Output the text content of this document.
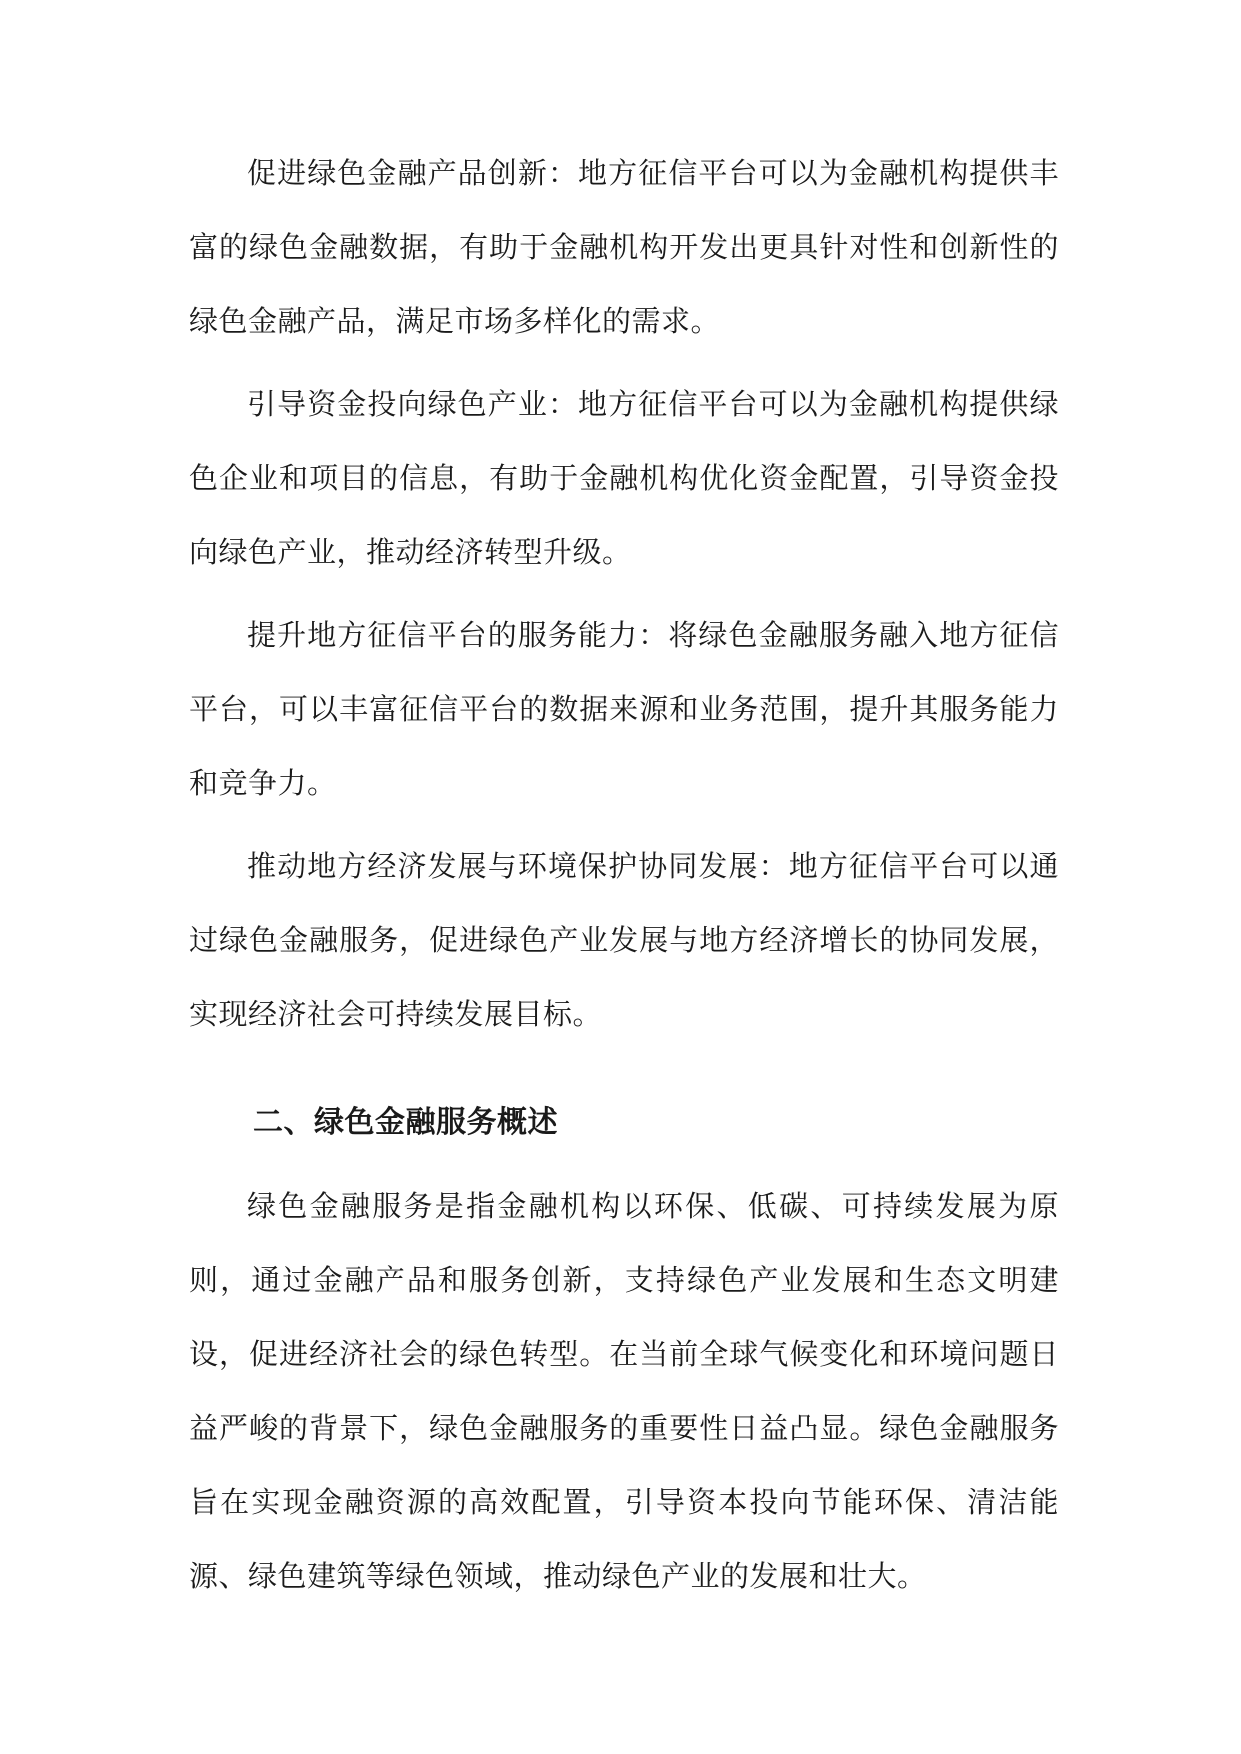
促进绿色金融产品创新：地方征信平台可以为金融机构提供丰富的绿色金融数据，有助于金融机构开发出更具针对性和创新性的绿色金融产品，满足市场多样化的需求。

引导资金投向绿色产业：地方征信平台可以为金融机构提供绿色企业和项目的信息，有助于金融机构优化资金配置，引导资金投向绿色产业，推动经济转型升级。

提升地方征信平台的服务能力：将绿色金融服务融入地方征信平台，可以丰富征信平台的数据来源和业务范围，提升其服务能力和竞争力。

推动地方经济发展与环境保护协同发展：地方征信平台可以通过绿色金融服务，促进绿色产业发展与地方经济增长的协同发展，实现经济社会可持续发展目标。

二、绿色金融服务概述

绿色金融服务是指金融机构以环保、低碳、可持续发展为原则，通过金融产品和服务创新，支持绿色产业发展和生态文明建设，促进经济社会的绿色转型。在当前全球气候变化和环境问题日益严峻的背景下，绿色金融服务的重要性日益凸显。绿色金融服务旨在实现金融资源的高效配置，引导资本投向节能环保、清洁能源、绿色建筑等绿色领域，推动绿色产业的发展和壮大。
